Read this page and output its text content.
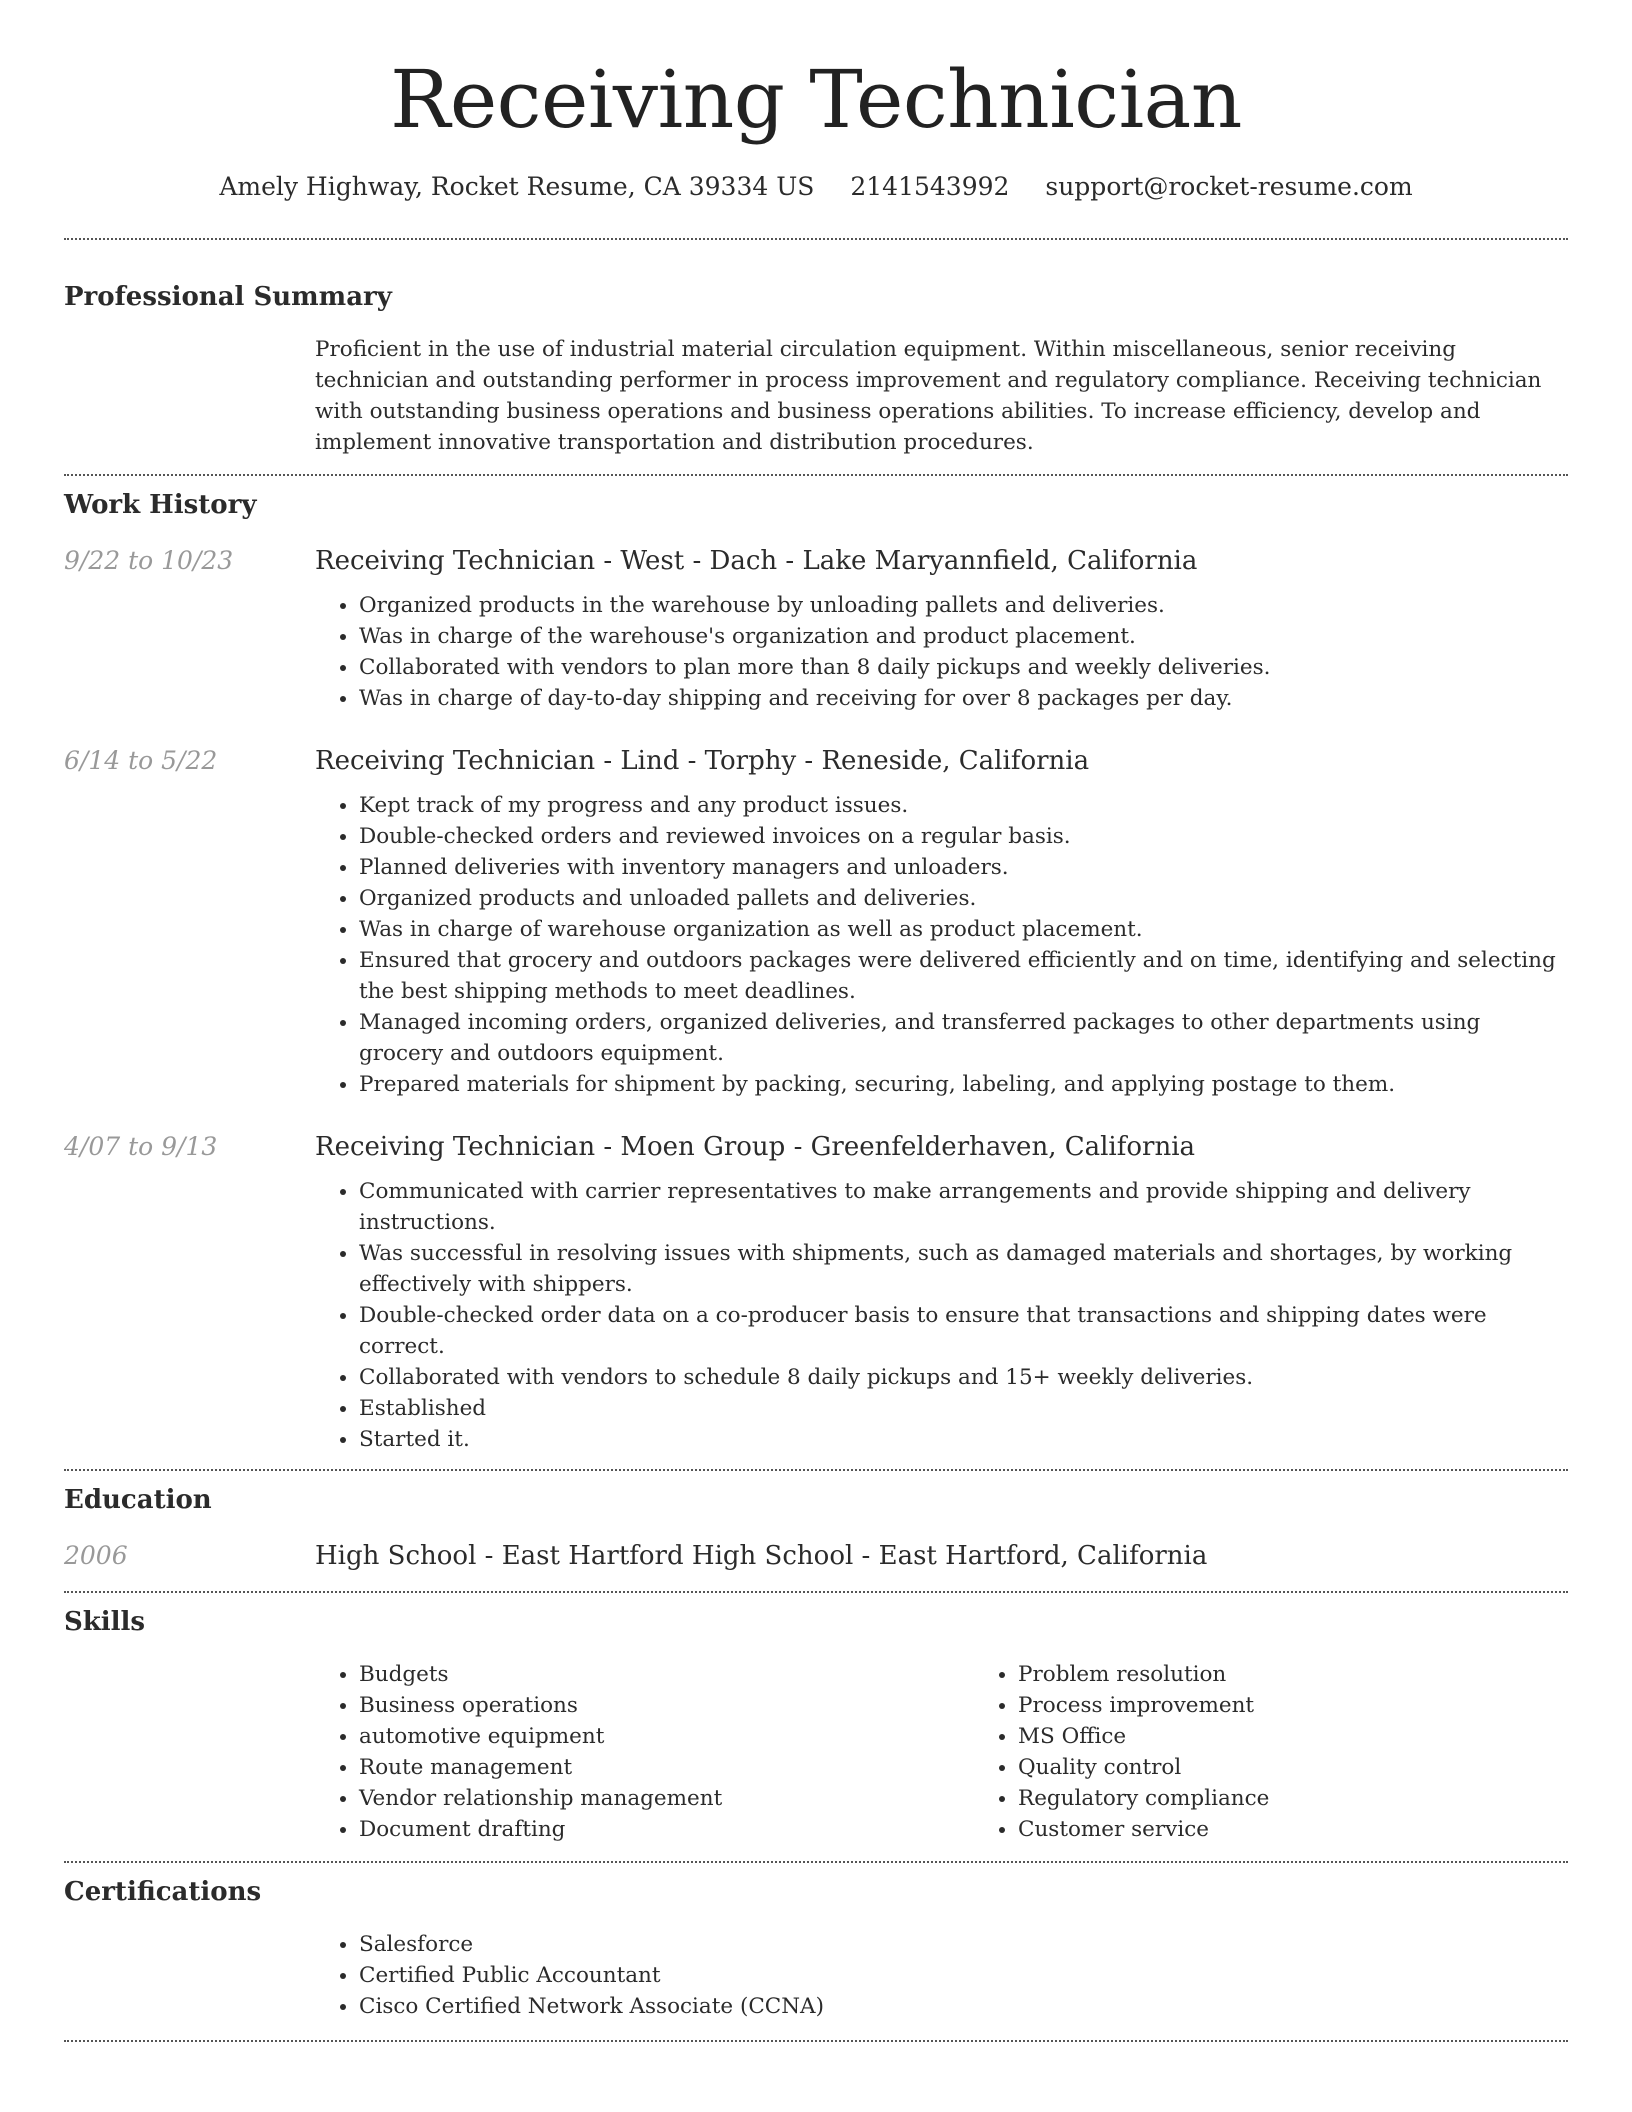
Receiving Technician
Amely Highway, Rocket Resume, CA 39334 US 2141543992 support@rocket-resume.com
Professional Summary

Proficient in the use of industrial material circulation equipment. Within miscellaneous, senior receiving technician and outstanding performer in process improvement and regulatory compliance. Receiving technician with outstanding business operations and business operations abilities. To increase efficiency, develop and implement innovative transportation and distribution procedures.

Work History
9/22 to 10/23	Receiving Technician - West - Dach - Lake Maryannfield, California
• Organized products in the warehouse by unloading pallets and deliveries.
• Was in charge of the warehouse's organization and product placement.
• Collaborated with vendors to plan more than 8 daily pickups and weekly deliveries.
• Was in charge of day-to-day shipping and receiving for over 8 packages per day.
6/14 to 5/22	Receiving Technician - Lind - Torphy - Reneside, California
• Kept track of my progress and any product issues.
• Double-checked orders and reviewed invoices on a regular basis.
• Planned deliveries with inventory managers and unloaders.
• Organized products and unloaded pallets and deliveries.
• Was in charge of warehouse organization as well as product placement.
• Ensured that grocery and outdoors packages were delivered efficiently and on time, identifying and selecting the best shipping methods to meet deadlines.
• Managed incoming orders, organized deliveries, and transferred packages to other departments using grocery and outdoors equipment.
• Prepared materials for shipment by packing, securing, labeling, and applying postage to them.
4/07 to 9/13	Receiving Technician - Moen Group - Greenfelderhaven, California
• Communicated with carrier representatives to make arrangements and provide shipping and delivery instructions.
• Was successful in resolving issues with shipments, such as damaged materials and shortages, by working effectively with shippers.
• Double-checked order data on a co-producer basis to ensure that transactions and shipping dates were correct.
• Collaborated with vendors to schedule 8 daily pickups and 15+ weekly deliveries.
• Established
• Started it.
Education
2006	High School - East Hartford High School - East Hartford, California
Skills
• Budgets
• Business operations
• automotive equipment
• Route management
• Vendor relationship management
• Document drafting
• Problem resolution
• Process improvement
• MS Office
• Quality control
• Regulatory compliance
• Customer service
Certifications
• Salesforce
• Certified Public Accountant
• Cisco Certified Network Associate (CCNA)
